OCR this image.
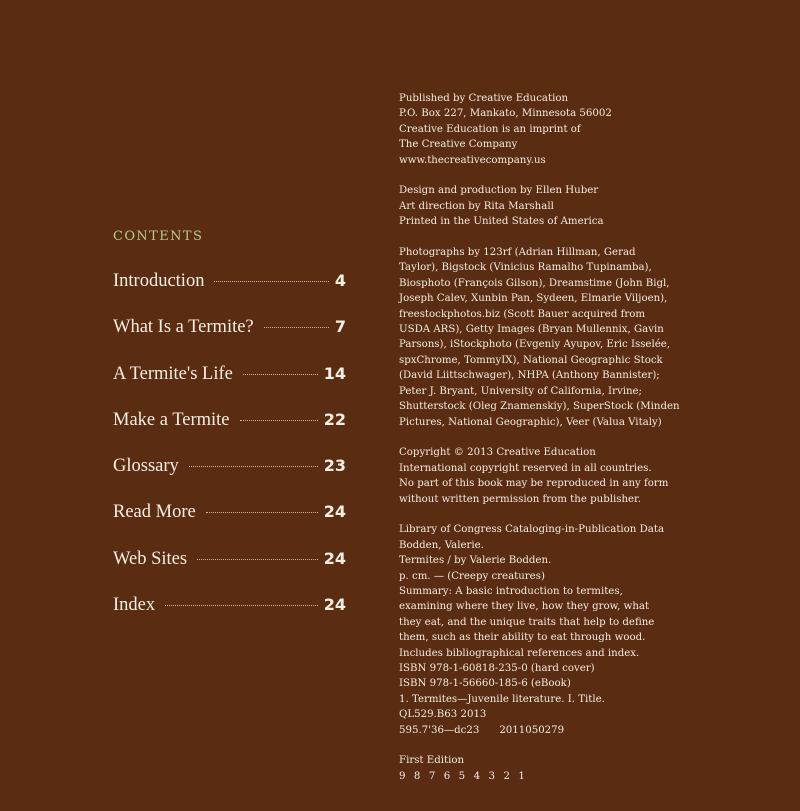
CONTENTS
Introduction	4
What Is a Termite?	7
A Termite's Life	14
Make a Termite	22
Glossary	23
Read More	24
Web Sites	24
Index	24
Published by Creative Education
P.O. Box 227, Mankato, Minnesota 56002
Creative Education is an imprint of
The Creative Company
www.thecreativecompany.us
Design and production by Ellen Huber
Art direction by Rita Marshall
Printed in the United States of America
Photographs by 123rf (Adrian Hillman, Gerad
Taylor), Bigstock (Vinicius Ramalho Tupinamba),
Biosphoto (François Gilson), Dreamstime (John Bigl,
Joseph Calev, Xunbin Pan, Sydeen, Elmarie Viljoen),
freestockphotos.biz (Scott Bauer acquired from
USDA ARS), Getty Images (Bryan Mullennix, Gavin
Parsons), iStockphoto (Evgeniy Ayupov, Eric Isselée,
spxChrome, TommyIX), National Geographic Stock
(David Liittschwager), NHPA (Anthony Bannister);
Peter J. Bryant, University of California, Irvine;
Shutterstock (Oleg Znamenskiy), SuperStock (Minden
Pictures, National Geographic), Veer (Valua Vitaly)
Copyright © 2013 Creative Education
International copyright reserved in all countries.
No part of this book may be reproduced in any form
without written permission from the publisher.
Library of Congress Cataloging-in-Publication Data
Bodden, Valerie.
Termites / by Valerie Bodden.
p. cm. — (Creepy creatures)
Summary: A basic introduction to termites,
examining where they live, how they grow, what
they eat, and the unique traits that help to define
them, such as their ability to eat through wood.
Includes bibliographical references and index.
ISBN 978-1-60818-235-0 (hard cover)
ISBN 978-1-56660-185-6 (eBook)
1. Termites—Juvenile literature. I. Title.
QL529.B63 2013
595.7'36—dc23 2011050279
First Edition
9 8 7 6 5 4 3 2 1
